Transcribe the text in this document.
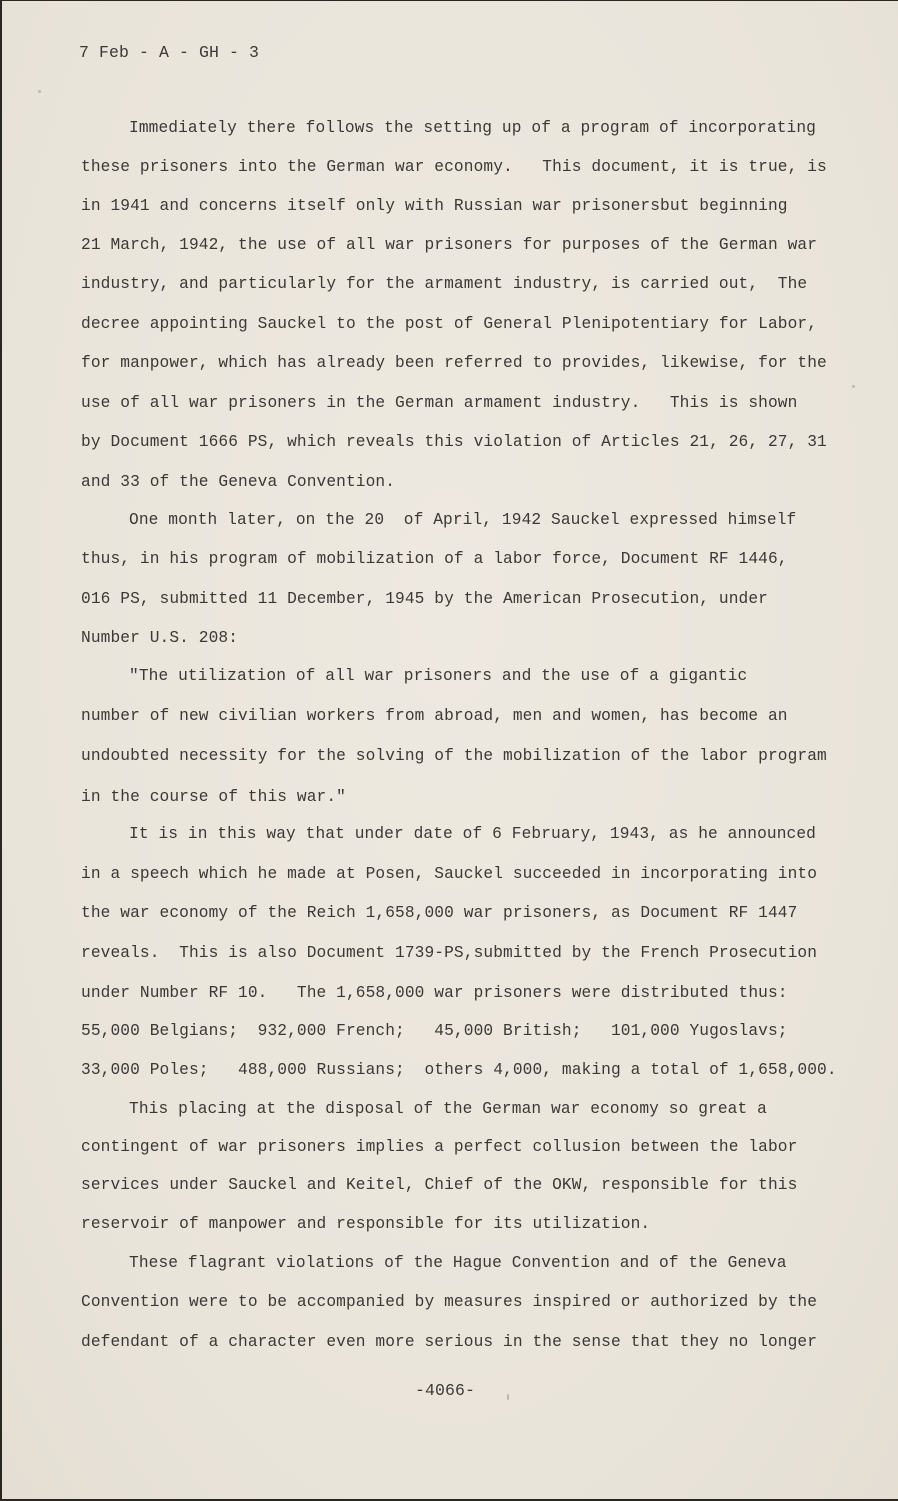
7 Feb - A - GH - 3
Immediately there follows the setting up of a program of incorporating
these prisoners into the German war economy.   This document, it is true, is
in 1941 and concerns itself only with Russian war prisonersbut beginning
21 March, 1942, the use of all war prisoners for purposes of the German war
industry, and particularly for the armament industry, is carried out,  The
decree appointing Sauckel to the post of General Plenipotentiary for Labor,
for manpower, which has already been referred to provides, likewise, for the
use of all war prisoners in the German armament industry.   This is shown
by Document 1666 PS, which reveals this violation of Articles 21, 26, 27, 31
and 33 of the Geneva Convention.
One month later, on the 20  of April, 1942 Sauckel expressed himself
thus, in his program of mobilization of a labor force, Document RF 1446,
016 PS, submitted 11 December, 1945 by the American Prosecution, under
Number U.S. 208:
"The utilization of all war prisoners and the use of a gigantic
number of new civilian workers from abroad, men and women, has become an
undoubted necessity for the solving of the mobilization of the labor program
in the course of this war."
It is in this way that under date of 6 February, 1943, as he announced
in a speech which he made at Posen, Sauckel succeeded in incorporating into
the war economy of the Reich 1,658,000 war prisoners, as Document RF 1447
reveals.  This is also Document 1739-PS,submitted by the French Prosecution
under Number RF 10.   The 1,658,000 war prisoners were distributed thus:
55,000 Belgians;  932,000 French;   45,000 British;   101,000 Yugoslavs;
33,000 Poles;   488,000 Russians;  others 4,000, making a total of 1,658,000.
This placing at the disposal of the German war economy so great a
contingent of war prisoners implies a perfect collusion between the labor
services under Sauckel and Keitel, Chief of the OKW, responsible for this
reservoir of manpower and responsible for its utilization.
These flagrant violations of the Hague Convention and of the Geneva
Convention were to be accompanied by measures inspired or authorized by the
defendant of a character even more serious in the sense that they no longer
-4066-
